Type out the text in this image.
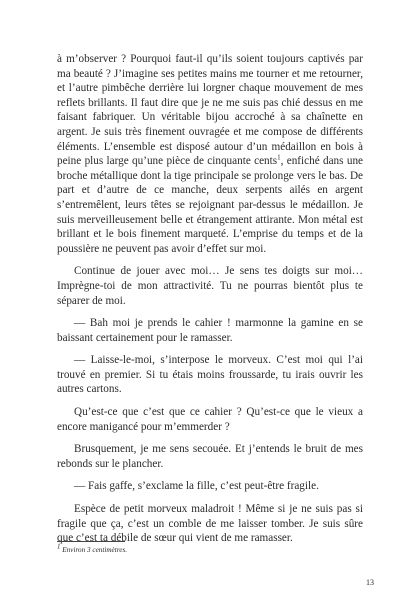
à m’observer ? Pourquoi faut-il qu’ils soient toujours captivés par ma beauté ? J’imagine ses petites mains me tourner et me retourner, et l’autre pimbêche derrière lui lorgner chaque mouvement de mes reflets brillants. Il faut dire que je ne me suis pas chié dessus en me faisant fabriquer. Un véritable bijou accroché à sa chaînette en argent. Je suis très finement ouvragée et me compose de différents éléments. L’ensemble est disposé autour d’un médaillon en bois à peine plus large qu’une pièce de cinquante cents$^1$, enfiché dans une broche métallique dont la tige principale se prolonge vers le bas. De part et d’autre de ce manche, deux serpents ailés en argent s’entremêlent, leurs têtes se rejoignant par-dessus le médaillon. Je suis merveilleusement belle et étrangement attirante. Mon métal est brillant et le bois finement marqueté. L’emprise du temps et de la poussière ne peuvent pas avoir d’effet sur moi.

Continue de jouer avec moi… Je sens tes doigts sur moi… Imprègne-toi de mon attractivité. Tu ne pourras bientôt plus te séparer de moi.

— Bah moi je prends le cahier ! marmonne la gamine en se baissant certainement pour le ramasser.

— Laisse-le-moi, s’interpose le morveux. C’est moi qui l’ai trouvé en premier. Si tu étais moins froussarde, tu irais ouvrir les autres cartons.

Qu’est-ce que c’est que ce cahier ? Qu’est-ce que le vieux a encore manigancé pour m’emmerder ?

Brusquement, je me sens secouée. Et j’entends le bruit de mes rebonds sur le plancher.

— Fais gaffe, s’exclame la fille, c’est peut-être fragile.

Espèce de petit morveux maladroit ! Même si je ne suis pas si fragile que ça, c’est un comble de me laisser tomber. Je suis sûre que c’est ta débile de sœur qui vient de me ramasser.

$^1$ Environ 3 centimètres.
13
